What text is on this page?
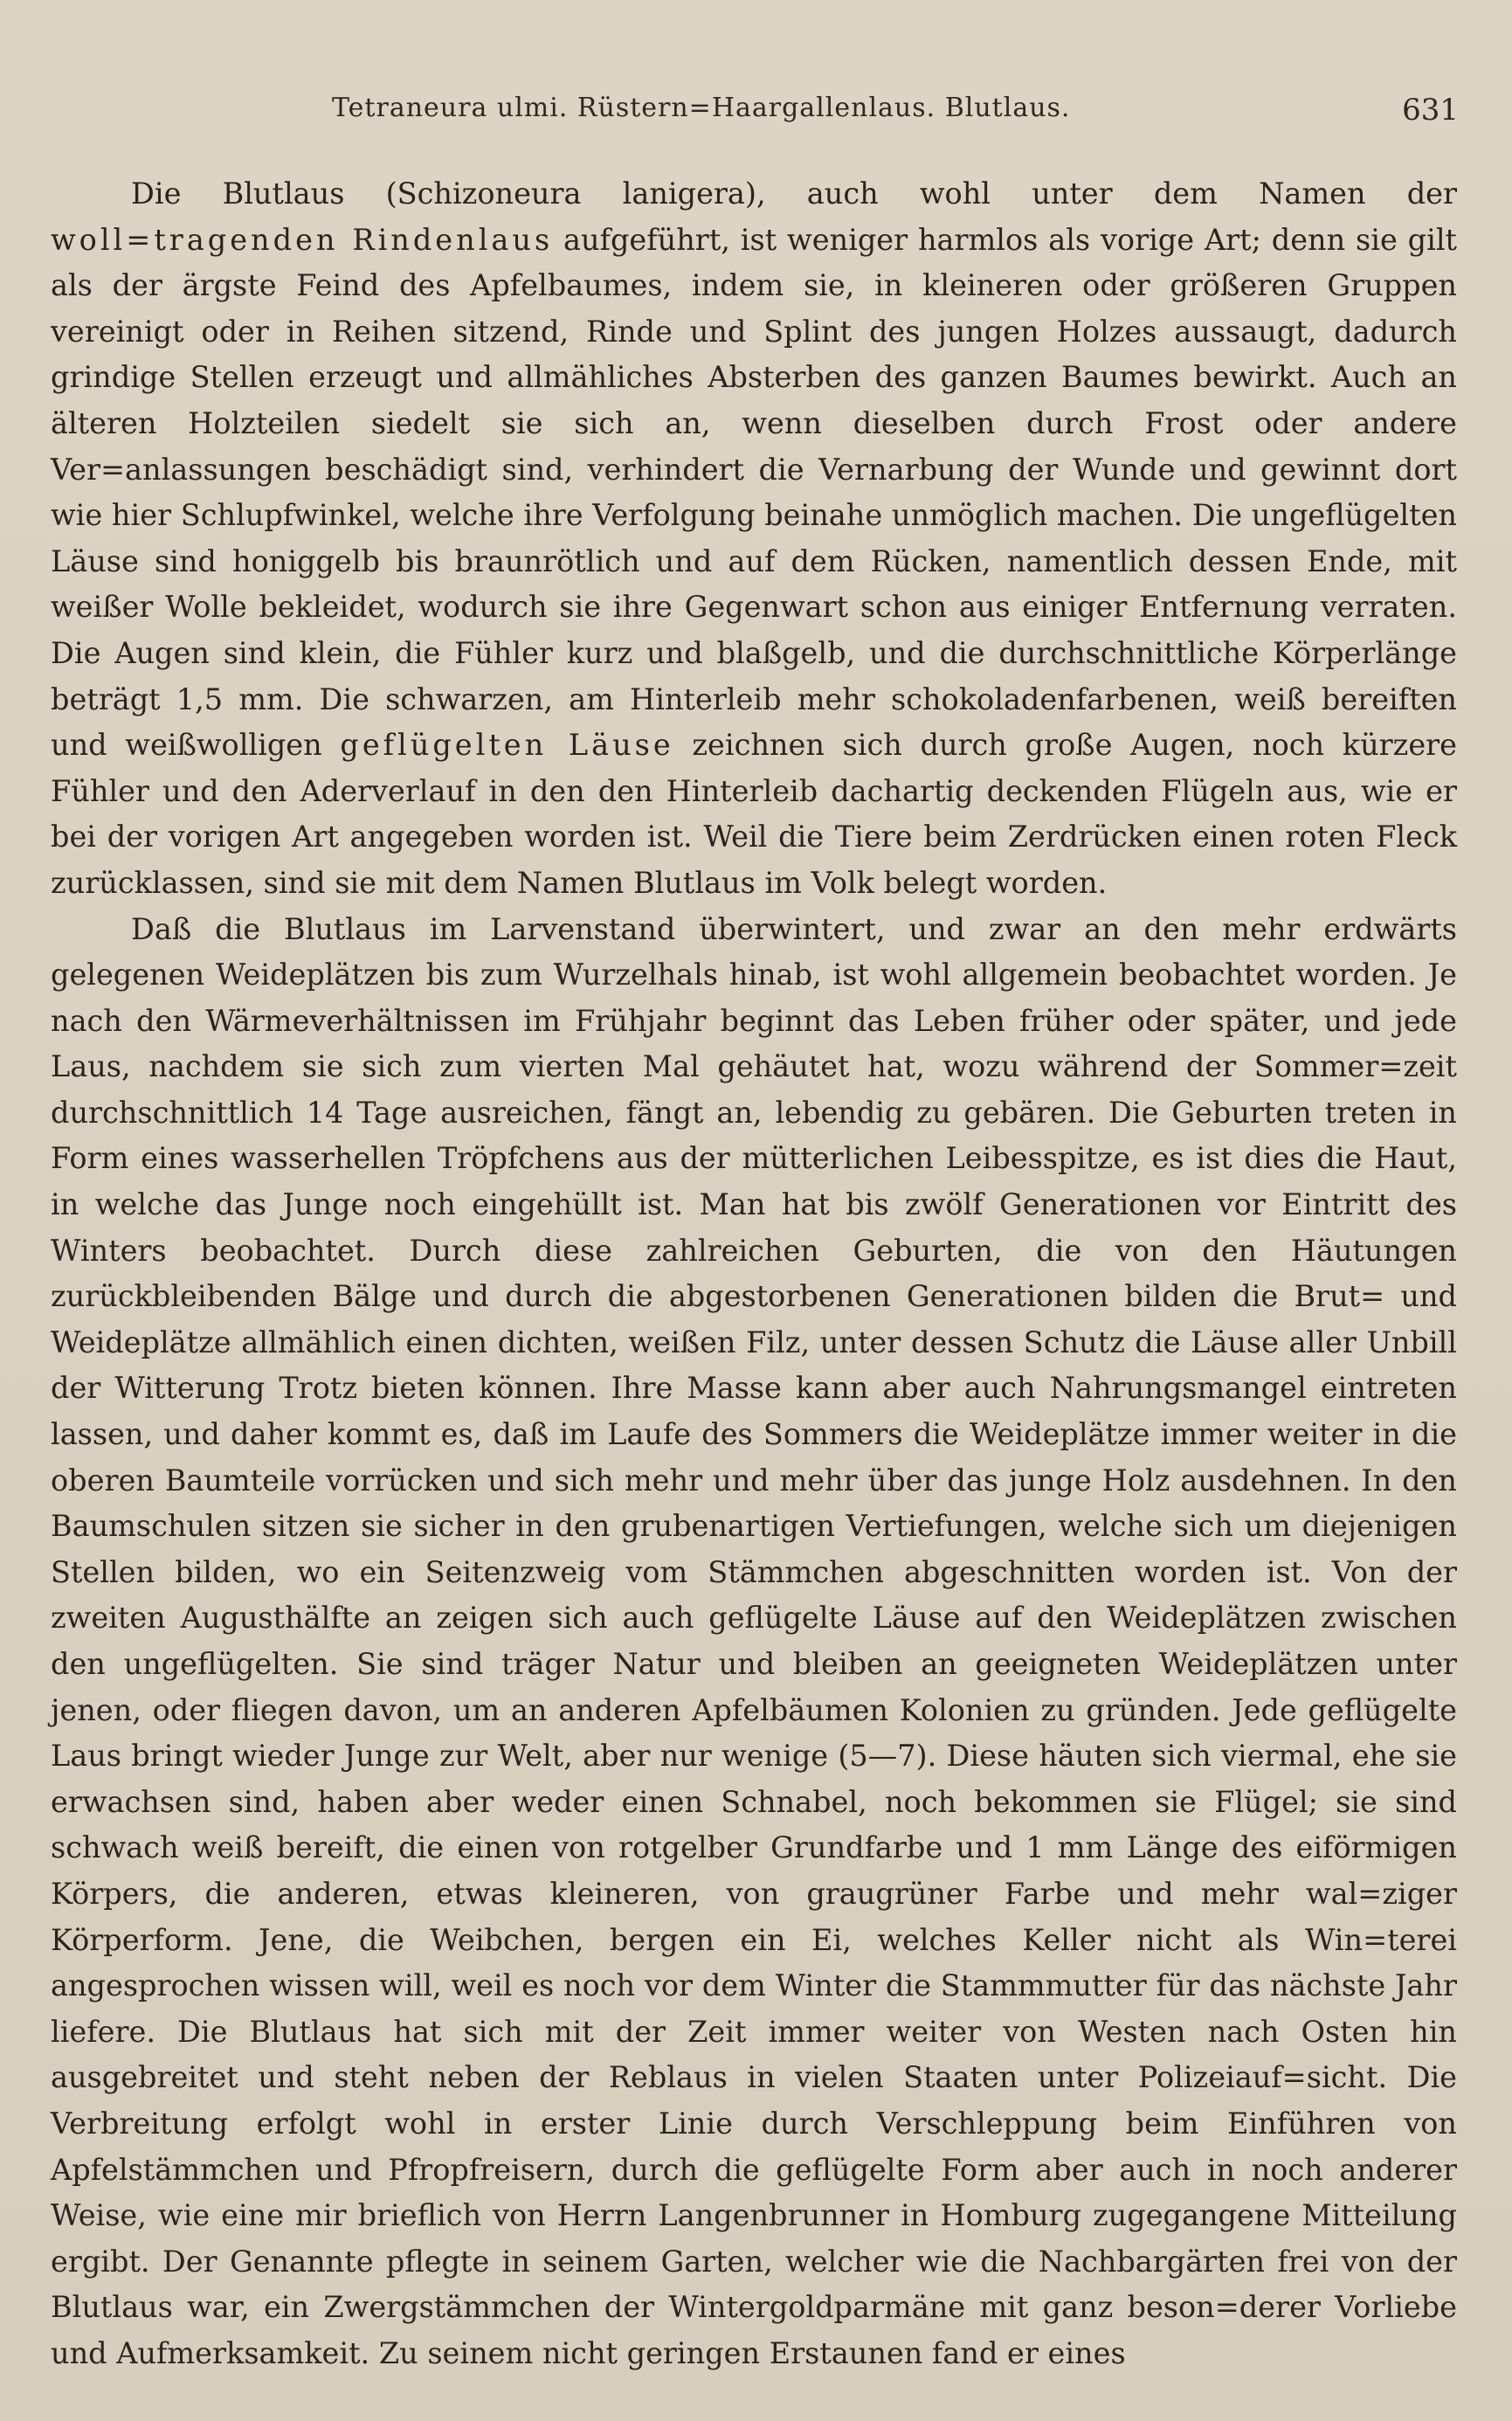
Tetraneura ulmi. Rüstern=Haargallenlaus. Blutlaus.	631

Die Blutlaus (Schizoneura lanigera), auch wohl unter dem Namen der woll=tragenden Rindenlaus aufgeführt, ist weniger harmlos als vorige Art; denn sie gilt als der ärgste Feind des Apfelbaumes, indem sie, in kleineren oder größeren Gruppen vereinigt oder in Reihen sitzend, Rinde und Splint des jungen Holzes aussaugt, dadurch grindige Stellen erzeugt und allmähliches Absterben des ganzen Baumes bewirkt. Auch an älteren Holzteilen siedelt sie sich an, wenn dieselben durch Frost oder andere Ver=anlassungen beschädigt sind, verhindert die Vernarbung der Wunde und gewinnt dort wie hier Schlupfwinkel, welche ihre Verfolgung beinahe unmöglich machen. Die ungeflügelten Läuse sind honiggelb bis braunrötlich und auf dem Rücken, namentlich dessen Ende, mit weißer Wolle bekleidet, wodurch sie ihre Gegenwart schon aus einiger Entfernung verraten. Die Augen sind klein, die Fühler kurz und blaßgelb, und die durchschnittliche Körperlänge beträgt 1,5 mm. Die schwarzen, am Hinterleib mehr schokoladenfarbenen, weiß bereiften und weißwolligen geflügelten Läuse zeichnen sich durch große Augen, noch kürzere Fühler und den Aderverlauf in den den Hinterleib dachartig deckenden Flügeln aus, wie er bei der vorigen Art angegeben worden ist. Weil die Tiere beim Zerdrücken einen roten Fleck zurücklassen, sind sie mit dem Namen Blutlaus im Volk belegt worden.

Daß die Blutlaus im Larvenstand überwintert, und zwar an den mehr erdwärts gelegenen Weideplätzen bis zum Wurzelhals hinab, ist wohl allgemein beobachtet worden. Je nach den Wärmeverhältnissen im Frühjahr beginnt das Leben früher oder später, und jede Laus, nachdem sie sich zum vierten Mal gehäutet hat, wozu während der Sommer=zeit durchschnittlich 14 Tage ausreichen, fängt an, lebendig zu gebären. Die Geburten treten in Form eines wasserhellen Tröpfchens aus der mütterlichen Leibesspitze, es ist dies die Haut, in welche das Junge noch eingehüllt ist. Man hat bis zwölf Generationen vor Eintritt des Winters beobachtet. Durch diese zahlreichen Geburten, die von den Häutungen zurückbleibenden Bälge und durch die abgestorbenen Generationen bilden die Brut= und Weideplätze allmählich einen dichten, weißen Filz, unter dessen Schutz die Läuse aller Unbill der Witterung Trotz bieten können. Ihre Masse kann aber auch Nahrungsmangel eintreten lassen, und daher kommt es, daß im Laufe des Sommers die Weideplätze immer weiter in die oberen Baumteile vorrücken und sich mehr und mehr über das junge Holz ausdehnen. In den Baumschulen sitzen sie sicher in den grubenartigen Vertiefungen, welche sich um diejenigen Stellen bilden, wo ein Seitenzweig vom Stämmchen abgeschnitten worden ist. Von der zweiten Augusthälfte an zeigen sich auch geflügelte Läuse auf den Weideplätzen zwischen den ungeflügelten. Sie sind träger Natur und bleiben an geeigneten Weideplätzen unter jenen, oder fliegen davon, um an anderen Apfelbäumen Kolonien zu gründen. Jede geflügelte Laus bringt wieder Junge zur Welt, aber nur wenige (5—7). Diese häuten sich viermal, ehe sie erwachsen sind, haben aber weder einen Schnabel, noch bekommen sie Flügel; sie sind schwach weiß bereift, die einen von rotgelber Grundfarbe und 1 mm Länge des eiförmigen Körpers, die anderen, etwas kleineren, von graugrüner Farbe und mehr wal=ziger Körperform. Jene, die Weibchen, bergen ein Ei, welches Keller nicht als Win=terei angesprochen wissen will, weil es noch vor dem Winter die Stammmutter für das nächste Jahr liefere. Die Blutlaus hat sich mit der Zeit immer weiter von Westen nach Osten hin ausgebreitet und steht neben der Reblaus in vielen Staaten unter Polizeiauf=sicht. Die Verbreitung erfolgt wohl in erster Linie durch Verschleppung beim Einführen von Apfelstämmchen und Pfropfreisern, durch die geflügelte Form aber auch in noch anderer Weise, wie eine mir brieflich von Herrn Langenbrunner in Homburg zugegangene Mitteilung ergibt. Der Genannte pflegte in seinem Garten, welcher wie die Nachbargärten frei von der Blutlaus war, ein Zwergstämmchen der Wintergoldparmäne mit ganz beson=derer Vorliebe und Aufmerksamkeit. Zu seinem nicht geringen Erstaunen fand er eines
